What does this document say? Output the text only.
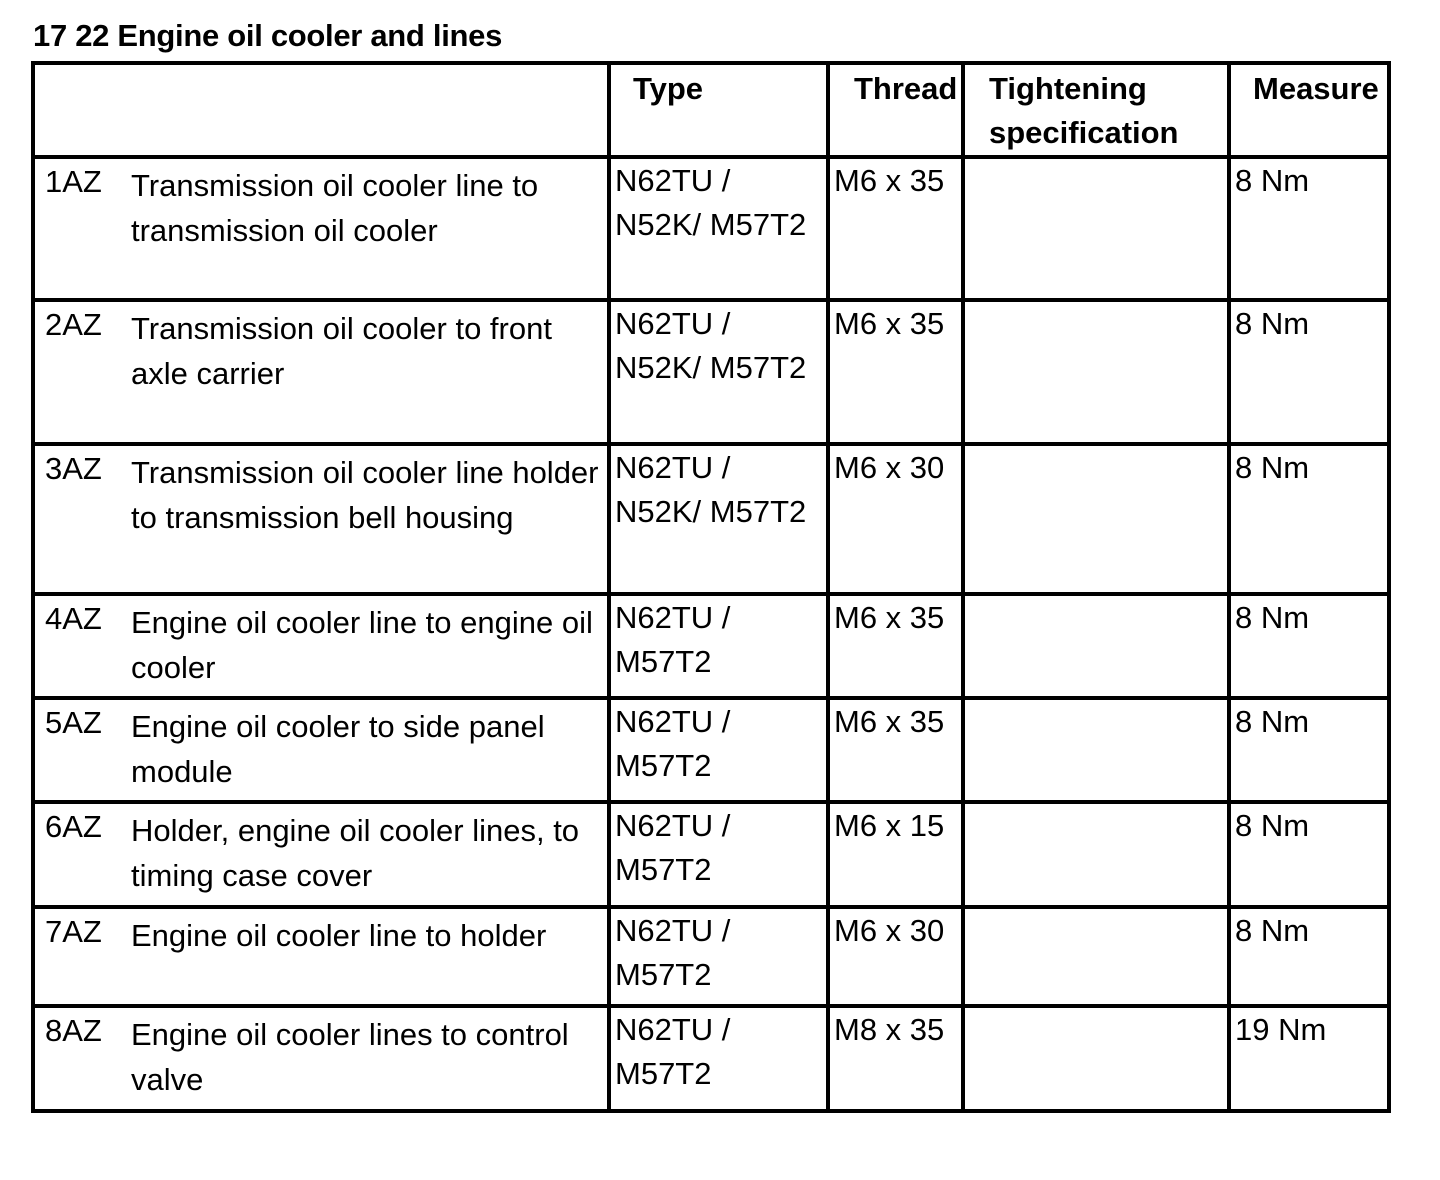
17 22 Engine oil cooler and lines
	Type	Thread	Tightening specification	Measure

1AZ Transmission oil cooler line to transmission oil cooler	N62TU / N52K/ M57T2	M6 x 35		8 Nm

2AZ Transmission oil cooler to front axle carrier	N62TU / N52K/ M57T2	M6 x 35		8 Nm

3AZ Transmission oil cooler line holder to transmission bell housing	N62TU / N52K/ M57T2	M6 x 30		8 Nm

4AZ Engine oil cooler line to engine oil cooler	N62TU / M57T2	M6 x 35		8 Nm

5AZ Engine oil cooler to side panel module	N62TU / M57T2	M6 x 35		8 Nm

6AZ Holder, engine oil cooler lines, to timing case cover	N62TU / M57T2	M6 x 15		8 Nm

7AZ Engine oil cooler line to holder	N62TU / M57T2	M6 x 30		8 Nm

8AZ Engine oil cooler lines to control valve	N62TU / M57T2	M8 x 35		19 Nm
